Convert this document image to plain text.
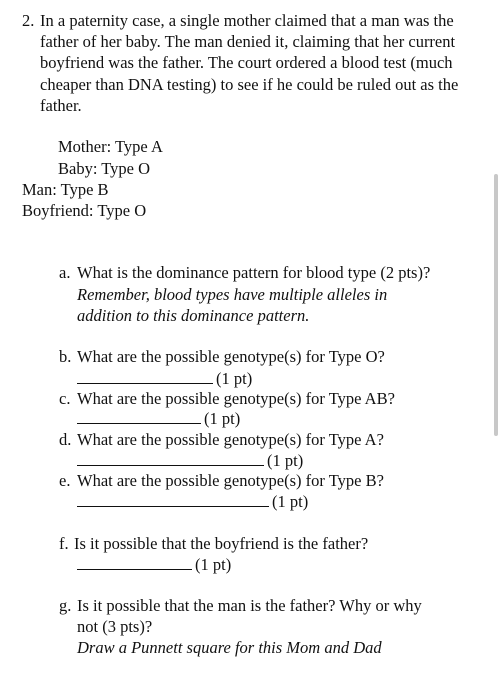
2. In a paternity case, a single mother claimed that a man was the father of her baby. The man denied it, claiming that her current boyfriend was the father. The court ordered a blood test (much cheaper than DNA testing) to see if he could be ruled out as the father.
Mother: Type A
Baby: Type O
Man: Type B
Boyfriend: Type O
a. What is the dominance pattern for blood type (2 pts)?
Remember, blood types have multiple alleles in
addition to this dominance pattern.
b. What are the possible genotype(s) for Type O?
(1 pt)
c. What are the possible genotype(s) for Type AB?
(1 pt)
d. What are the possible genotype(s) for Type A?
(1 pt)
e. What are the possible genotype(s) for Type B?
(1 pt)
f. Is it possible that the boyfriend is the father?
(1 pt)
g. Is it possible that the man is the father? Why or why
not (3 pts)?
Draw a Punnett square for this Mom and Dad
